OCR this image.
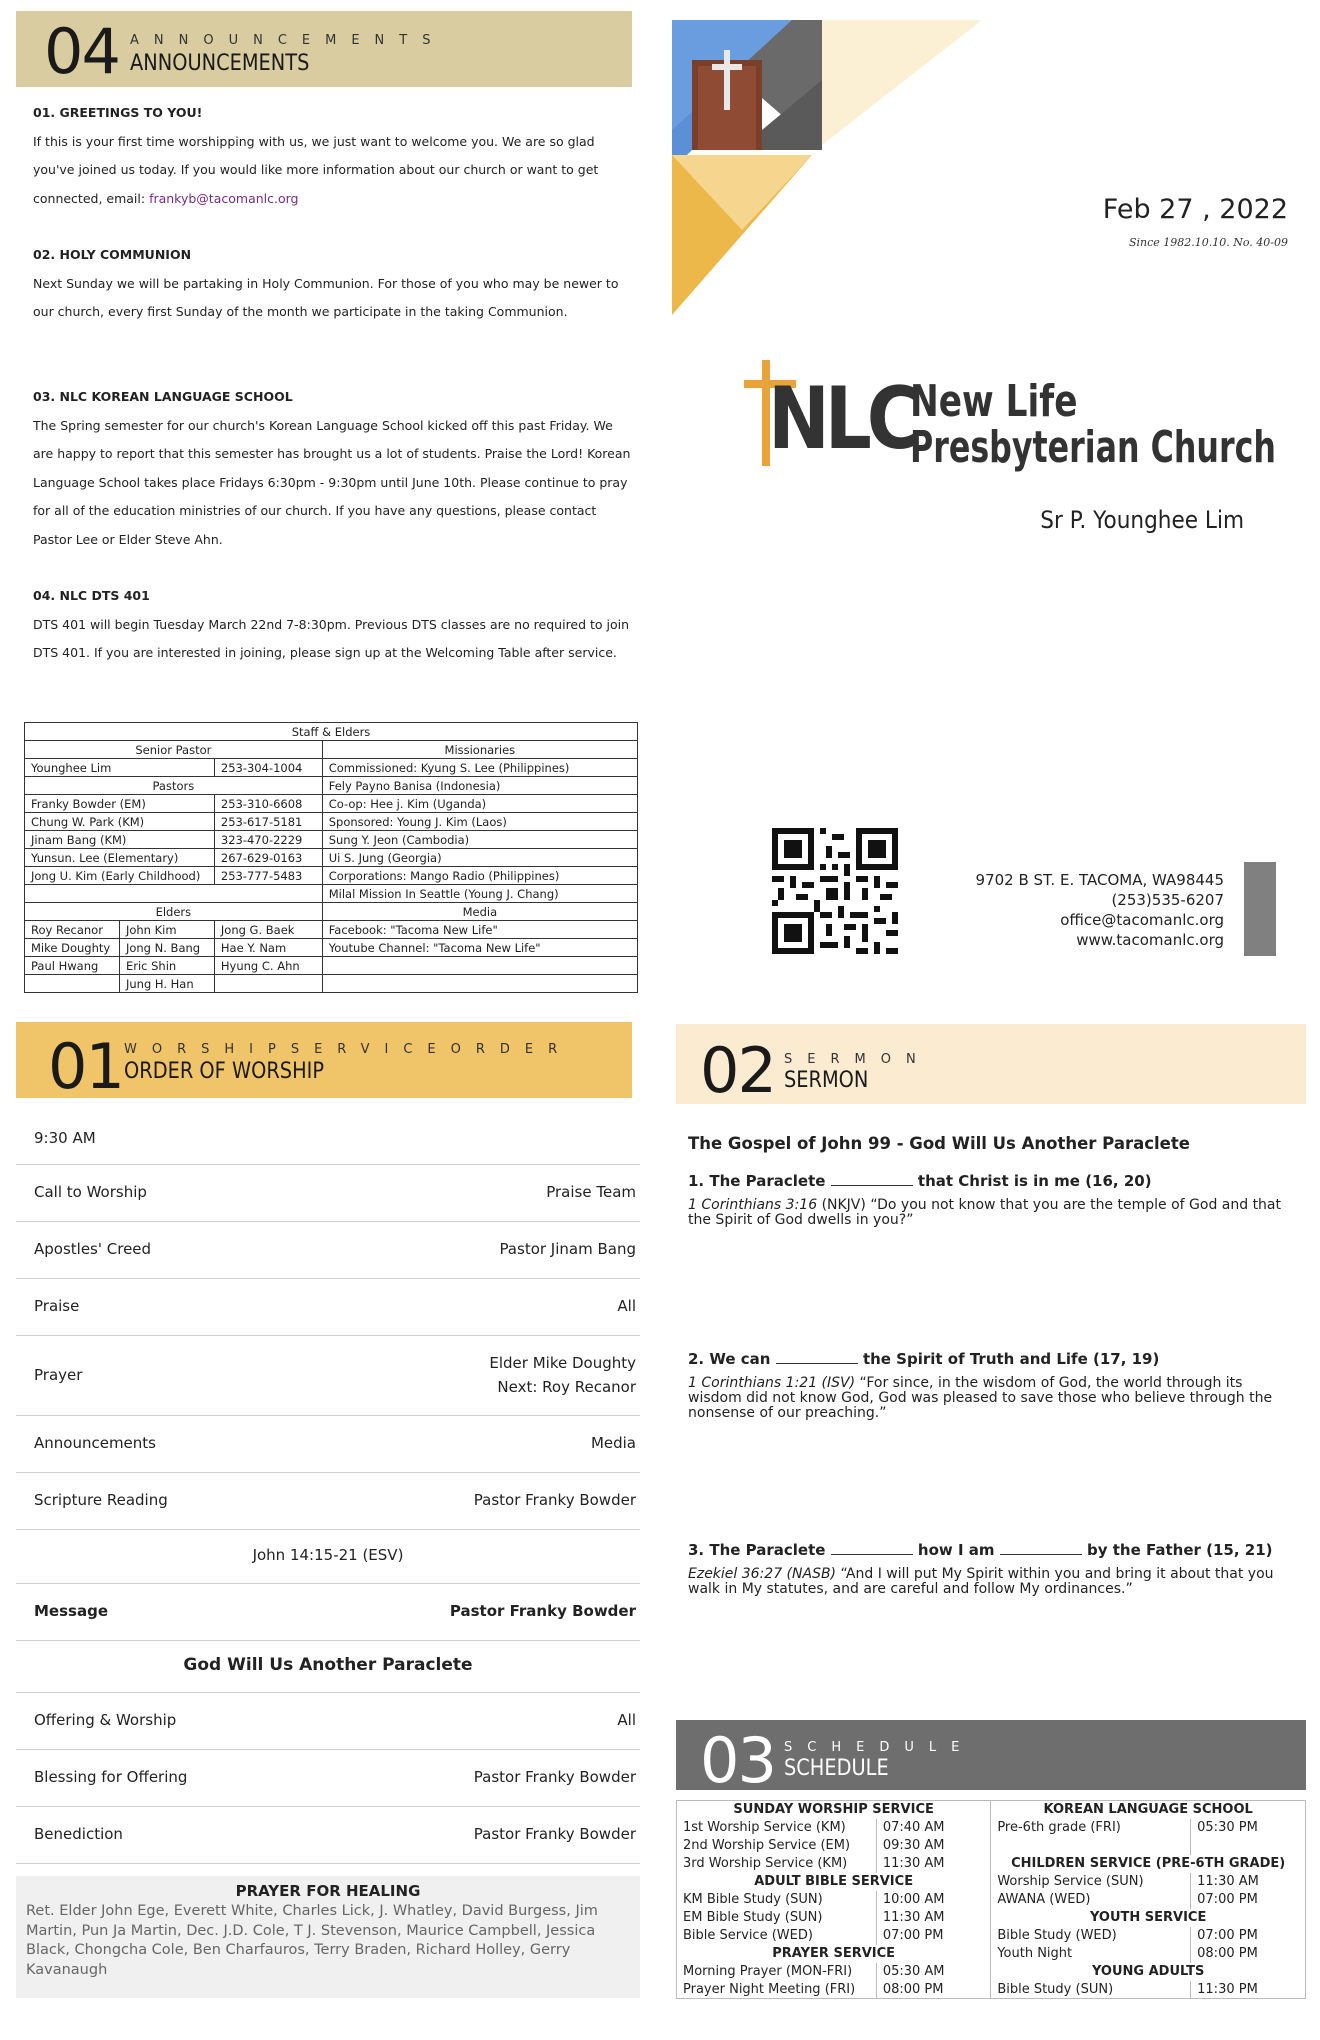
04 ANNOUNCEMENTS
ANNOUNCEMENTS
01. GREETINGS TO YOU!
If this is your first time worshipping with us, we just want to welcome you. We are so glad you've joined us today. If you would like more information about our church or want to get connected, email: frankyb@tacomanlc.org
02. HOLY COMMUNION
Next Sunday we will be partaking in Holy Communion. For those of you who may be newer to our church, every first Sunday of the month we participate in the taking Communion.
03. NLC KOREAN LANGUAGE SCHOOL
The Spring semester for our church's Korean Language School kicked off this past Friday. We are happy to report that this semester has brought us a lot of students. Praise the Lord! Korean Language School takes place Fridays 6:30pm - 9:30pm until June 10th. Please continue to pray for all of the education ministries of our church. If you have any questions, please contact Pastor Lee or Elder Steve Ahn.
04. NLC DTS 401
DTS 401 will begin Tuesday March 22nd 7-8:30pm. Previous DTS classes are no required to join DTS 401. If you are interested in joining, please sign up at the Welcoming Table after service.
Staff & Elders			
Senior Pastor			Missionaries
Younghee Lim		253-304-1004	Commissioned: Kyung S. Lee (Philippines)
Pastors			Fely Payno Banisa (Indonesia)
Franky Bowder (EM)		253-310-6608	Co-op: Hee j. Kim (Uganda)
Chung W. Park (KM)		253-617-5181	Sponsored: Young J. Kim (Laos)
Jinam Bang (KM)		323-470-2229	Sung Y. Jeon (Cambodia)
Yunsun. Lee (Elementary)		267-629-0163	Ui S. Jung (Georgia)
Jong U. Kim (Early Childhood)		253-777-5483	Corporations: Mango Radio (Philippines)
			Milal Mission In Seattle (Young J. Chang)
Elders			Media
Roy Recanor	John Kim	Jong G. Baek	Facebook: "Tacoma New Life"
Mike Doughty	Jong N. Bang	Hae Y. Nam	Youtube Channel: "Tacoma New Life"
Paul Hwang	Eric Shin	Hyung C. Ahn	
	Jung H. Han		
Feb 27 , 2022
Since 1982.10.10. No. 40-09
NLC
New Life
Presbyterian Church
Sr P. Younghee Lim
9702 B ST. E. TACOMA, WA98445
(253)535-6207
office@tacomanlc.org
www.tacomanlc.org
01 WORSHIPSERVICEORDER
ORDER OF WORSHIP
9:30 AM
Call to Worship	Praise Team
Apostles' Creed	Pastor Jinam Bang
Praise	All
Prayer
Elder Mike Doughty
Next: Roy Recanor
Announcements	Media
Scripture Reading	Pastor Franky Bowder
John 14:15-21 (ESV)
Message	Pastor Franky Bowder
God Will Us Another Paraclete
Offering & Worship	All
Blessing for Offering	Pastor Franky Bowder
Benediction	Pastor Franky Bowder
PRAYER FOR HEALING
Ret. Elder John Ege, Everett White, Charles Lick, J. Whatley, David Burgess, Jim Martin, Pun Ja Martin, Dec. J.D. Cole, T J. Stevenson, Maurice Campbell, Jessica Black, Chongcha Cole, Ben Charfauros, Terry Braden, Richard Holley, Gerry Kavanaugh
02 SERMON
SERMON
The Gospel of John 99 - God Will Us Another Paraclete
1. The Paraclete	that Christ is in me (16, 20)
1 Corinthians 3:16 (NKJV) “Do you not know that you are the temple of God and that the Spirit of God dwells in you?”
2. We can	the Spirit of Truth and Life (17, 19)
1 Corinthians 1:21 (ISV) “For since, in the wisdom of God, the world through its wisdom did not know God, God was pleased to save those who believe through the nonsense of our preaching.”
3. The Paraclete	how I am	by the Father (15, 21)
Ezekiel 36:27 (NASB) “And I will put My Spirit within you and bring it about that you walk in My statutes, and are careful and follow My ordinances.”
03 SCHEDULE
SCHEDULE
SUNDAY WORSHIP SERVICE		KOREAN LANGUAGE SCHOOL	
1st Worship Service (KM)	07:40 AM	Pre-6th grade (FRI)	05:30 PM
2nd Worship Service (EM)	09:30 AM		
3rd Worship Service (KM)	11:30 AM	CHILDREN SERVICE (PRE-6TH GRADE)	
ADULT BIBLE SERVICE		Worship Service (SUN)	11:30 AM
KM Bible Study (SUN)	10:00 AM	AWANA (WED)	07:00 PM
EM Bible Study (SUN)	11:30 AM	YOUTH SERVICE	
Bible Service (WED)	07:00 PM	Bible Study (WED)	07:00 PM
PRAYER SERVICE		Youth Night	08:00 PM
Morning Prayer (MON-FRI)	05:30 AM	YOUNG ADULTS	
Prayer Night Meeting (FRI)	08:00 PM	Bible Study (SUN)	11:30 PM
